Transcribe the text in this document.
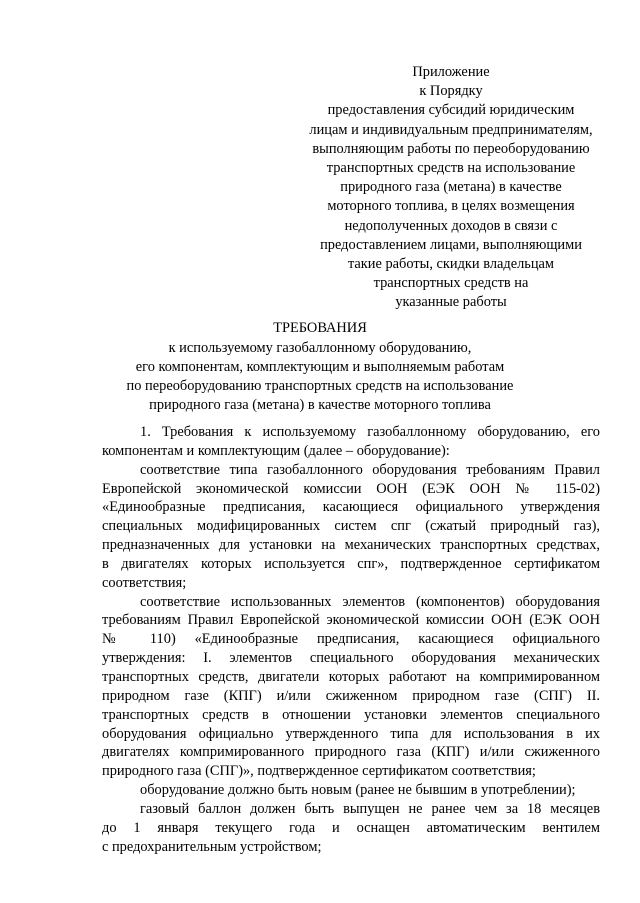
Приложение
к Порядку
предоставления субсидий юридическим
лицам и индивидуальным предпринимателям,
выполняющим работы по переоборудованию
транспортных средств на использование
природного газа (метана) в качестве
моторного топлива, в целях возмещения
недополученных доходов в связи с
предоставлением лицами, выполняющими
такие работы, скидки владельцам
транспортных средств на
указанные работы
ТРЕБОВАНИЯ
к используемому газобаллонному оборудованию,
его компонентам, комплектующим и выполняемым работам
по переоборудованию транспортных средств на использование
природного газа (метана) в качестве моторного топлива
1. Требования к используемому газобаллонному оборудованию, его
компонентам и комплектующим (далее – оборудование):
соответствие типа газобаллонного оборудования требованиям Правил
Европейской экономической комиссии ООН (ЕЭК ООН № 115-02)
«Единообразные предписания, касающиеся официального утверждения
специальных модифицированных систем спг (сжатый природный газ),
предназначенных для установки на механических транспортных средствах,
в двигателях которых используется спг», подтвержденное сертификатом
соответствия;
соответствие использованных элементов (компонентов) оборудования
требованиям Правил Европейской экономической комиссии ООН (ЕЭК ООН
№ 110) «Единообразные предписания, касающиеся официального
утверждения: I. элементов специального оборудования механических
транспортных средств, двигатели которых работают на компримированном
природном газе (КПГ) и/или сжиженном природном газе (СПГ) II.
транспортных средств в отношении установки элементов специального
оборудования официально утвержденного типа для использования в их
двигателях компримированного природного газа (КПГ) и/или сжиженного
природного газа (СПГ)», подтвержденное сертификатом соответствия;
оборудование должно быть новым (ранее не бывшим в употреблении);
газовый баллон должен быть выпущен не ранее чем за 18 месяцев
до 1 января текущего года и оснащен автоматическим вентилем
с предохранительным устройством;
